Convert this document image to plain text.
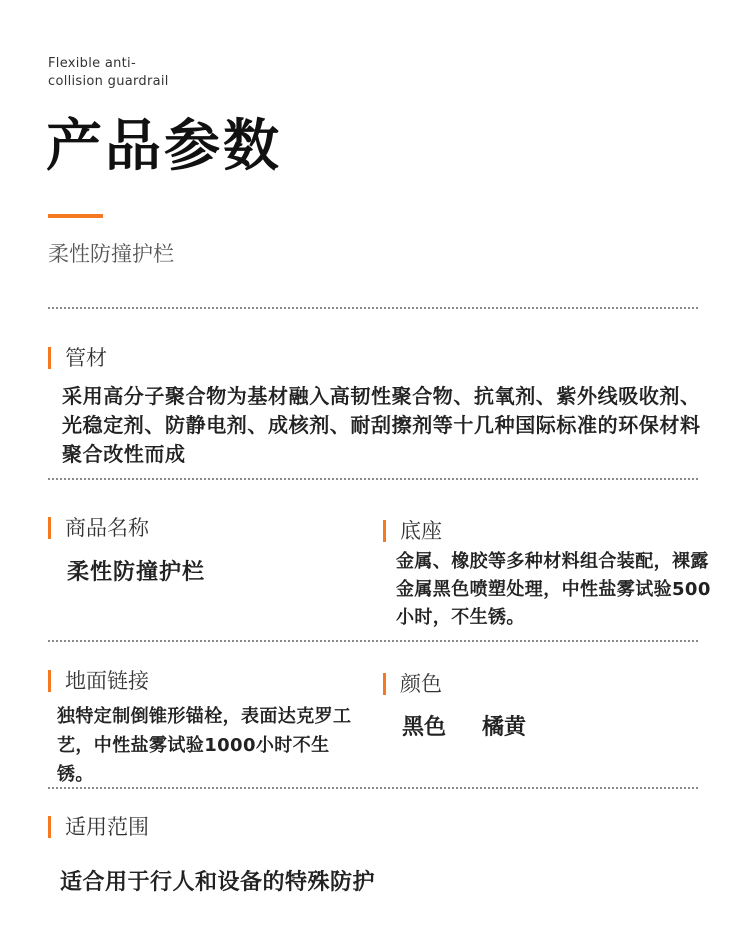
Flexible anti-
collision guardrail
产品参数
柔性防撞护栏
管材
采用高分子聚合物为基材融入高韧性聚合物、抗氧剂、紫外线吸收剂、光稳定剂、防静电剂、成核剂、耐刮擦剂等十几种国际标准的环保材料聚合改性而成
商品名称
柔性防撞护栏
底座
金属、橡胶等多种材料组合装配，裸露金属黑色喷塑处理，中性盐雾试验500小时，不生锈。
地面链接
独特定制倒锥形锚栓，表面达克罗工艺，中性盐雾试验1000小时不生锈。
颜色
黑色 橘黄
适用范围
适合用于行人和设备的特殊防护
